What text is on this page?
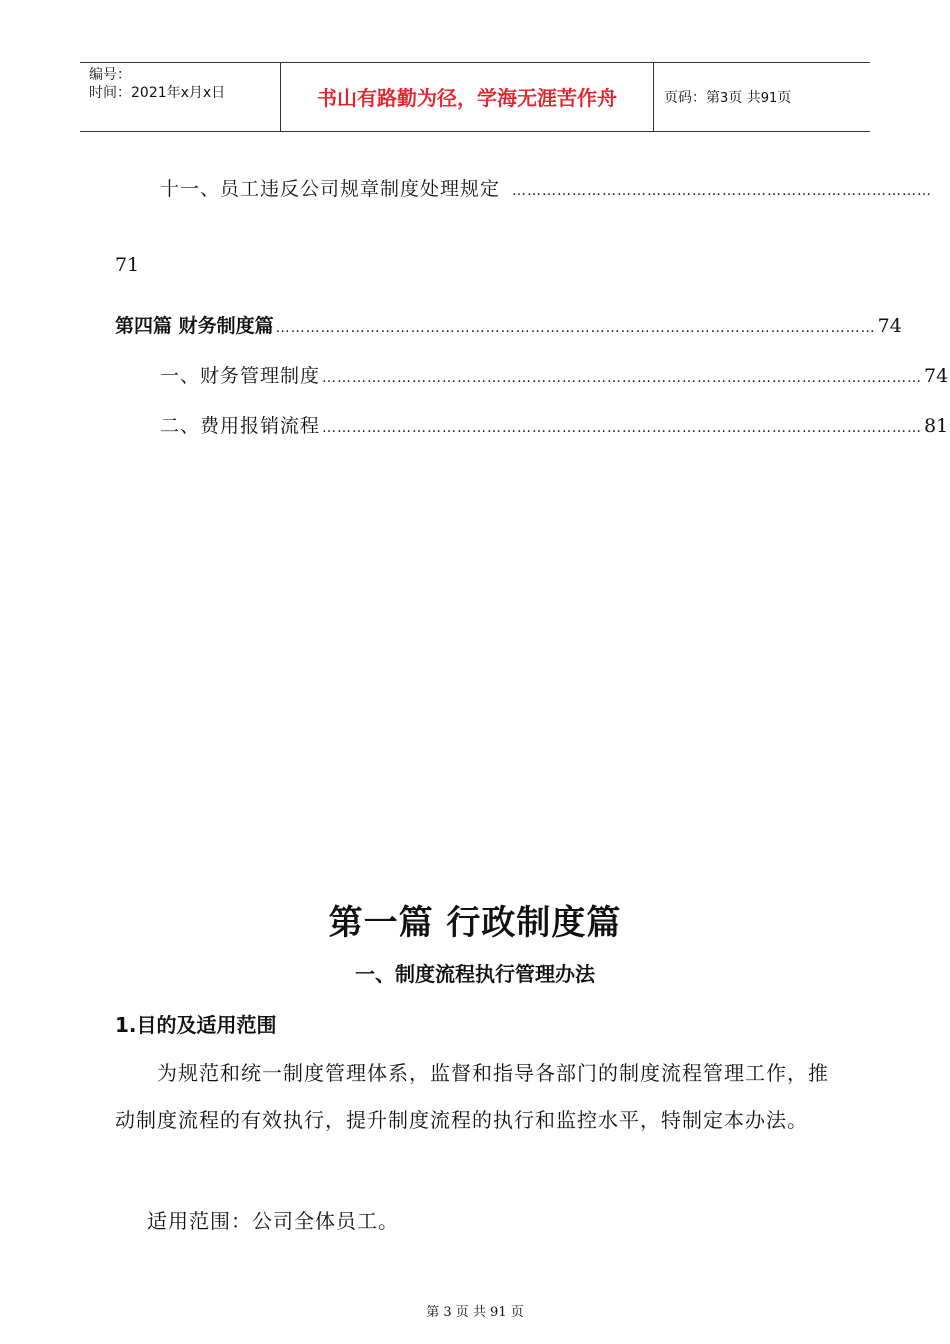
编号：
时间：2021年x月x日	书山有路勤为径，学海无涯苦作舟	页码：第3页 共91页
十一、员工违反公司规章制度处理规定 …………………………………………………………………………
71
第四篇 财务制度篇 ………………………………………………………………………………………………………… 74
一、财务管理制度 ………………………………………………………………………………………………………… 74
二、费用报销流程 ………………………………………………………………………………………………………… 81
第一篇 行政制度篇
一、制度流程执行管理办法
1.目的及适用范围
为规范和统一制度管理体系，监督和指导各部门的制度流程管理工作，推动制度流程的有效执行，提升制度流程的执行和监控水平，特制定本办法。
适用范围：公司全体员工。
第 3 页 共 91 页
